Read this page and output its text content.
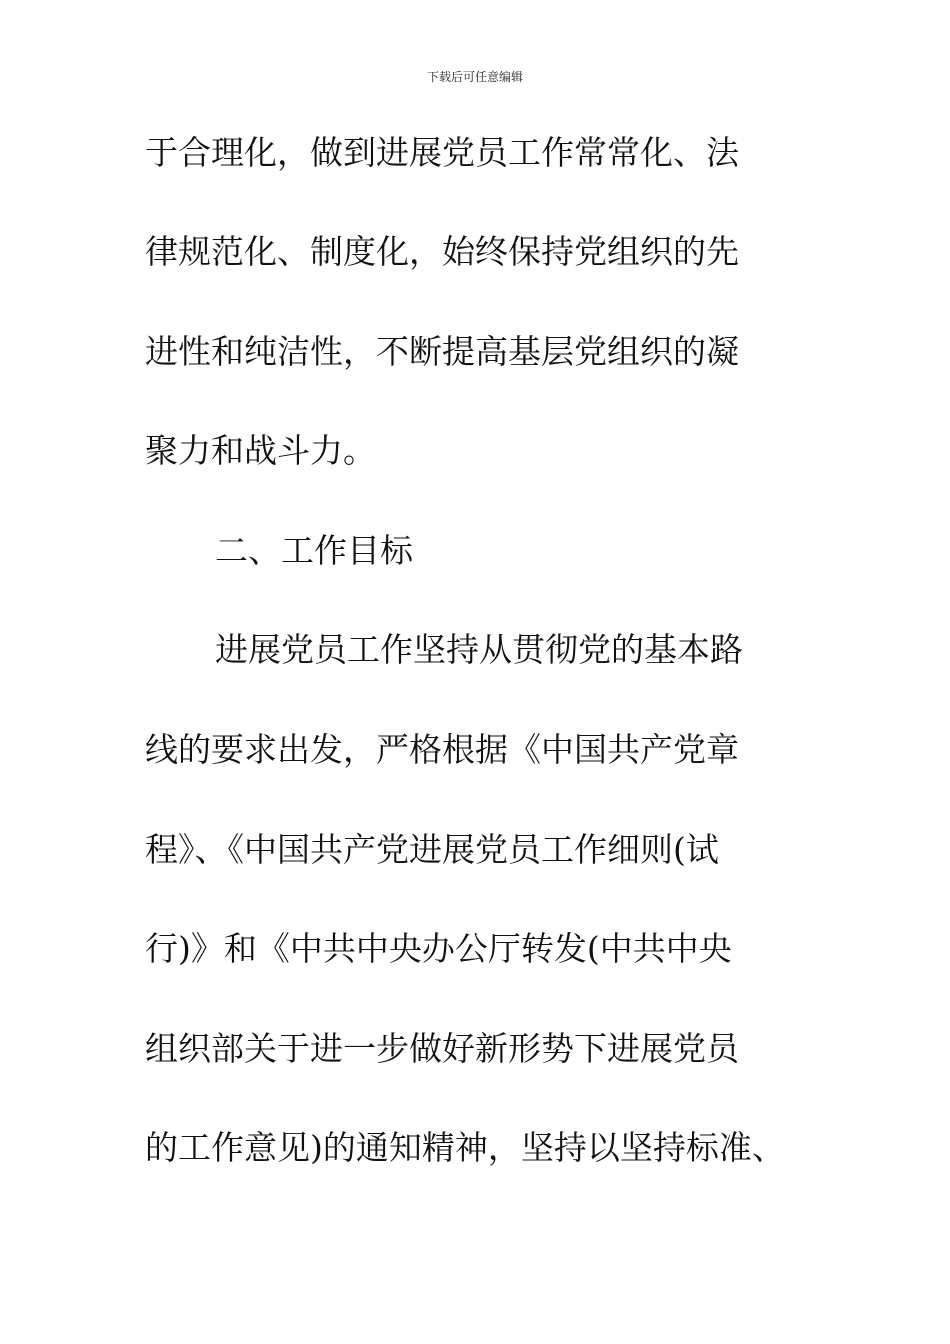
下载后可任意编辑
于合理化，做到进展党员工作常常化、法
律规范化、制度化，始终保持党组织的先
进性和纯洁性，不断提高基层党组织的凝
聚力和战斗力。
二、工作目标
进展党员工作坚持从贯彻党的基本路
线的要求出发，严格根据《中国共产党章
程》、《中国共产党进展党员工作细则(试
行)》和《中共中央办公厅转发(中共中央
组织部关于进一步做好新形势下进展党员
的工作意见)的通知精神，坚持以坚持标准、
